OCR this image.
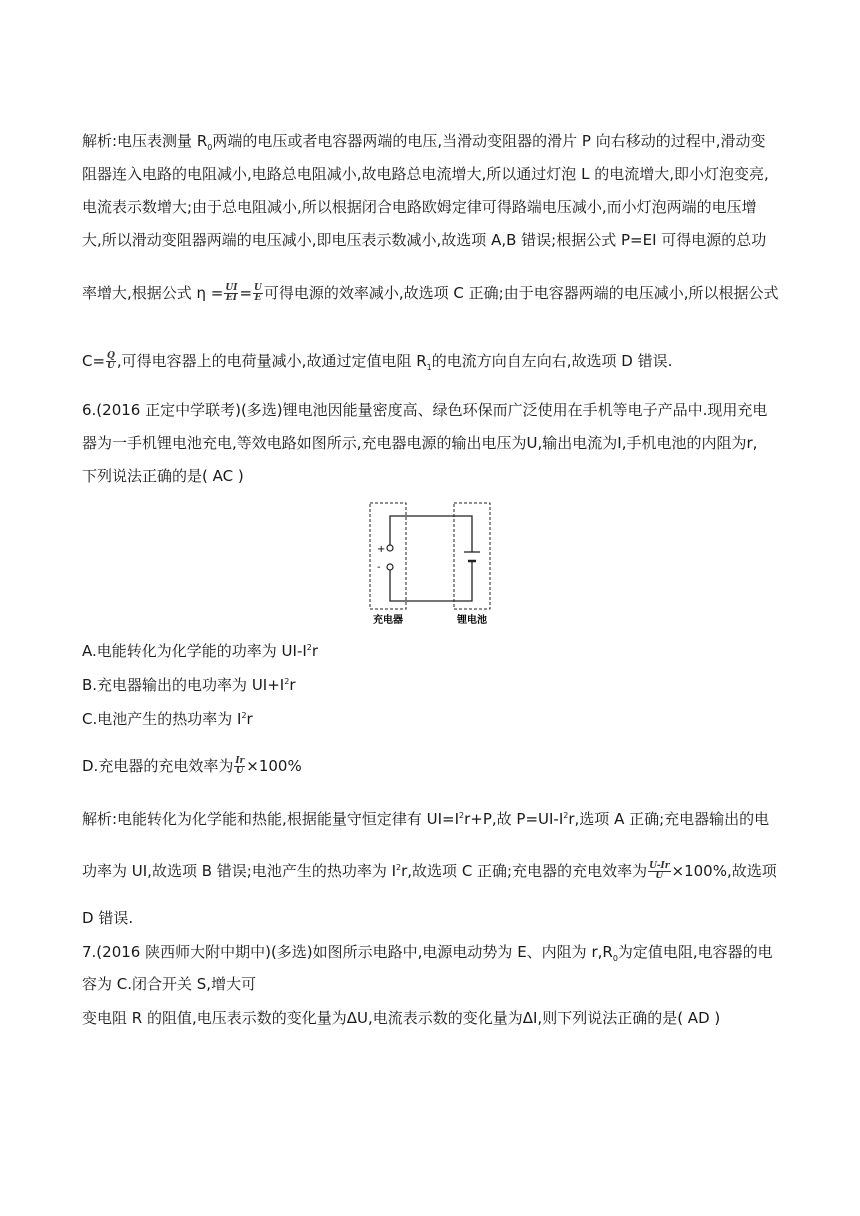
解析:电压表测量 $R_0$两端的电压或者电容器两端的电压,当滑动变阻器的滑片 P 向右移动的过程中,滑动变
阻器连入电路的电阻减小,电路总电阻减小,故电路总电流增大,所以通过灯泡 L 的电流增大,即小灯泡变亮,
电流表示数增大;由于总电阻减小,所以根据闭合电路欧姆定律可得路端电压减小,而小灯泡两端的电压增
大,所以滑动变阻器两端的电压减小,即电压表示数减小,故选项 A,B 错误;根据公式 P=EI 可得电源的总功
率增大,根据公式 $\eta = \frac{UI}{EI} = \frac{U}{E}$ 可得电源的效率减小,故选项 C 正确;由于电容器两端的电压减小,所以根据公式
$C= \frac{Q}{U}$ ,可得电容器上的电荷量减小,故通过定值电阻 $R_1$的电流方向自左向右,故选项 D 错误.
6.(2016 正定中学联考)(多选)锂电池因能量密度高、绿色环保而广泛使用在手机等电子产品中.现用充电
器为一手机锂电池充电,等效电路如图所示,充电器电源的输出电压为U,输出电流为I,手机电池的内阻为r,
下列说法正确的是( AC )
+
-
充电器	锂电池
A.电能转化为化学能的功率为 $UI-I^2r$
B.充电器输出的电功率为 $UI+I^2r$
C.电池产生的热功率为 $I^2r$
D.充电器的充电效率为 $\frac{Ir}{U} \times 100\%$
解析:电能转化为化学能和热能,根据能量守恒定律有 $UI=I^2r+P$,故 $P=UI-I^2r$,选项 A 正确;充电器输出的电
功率为 UI,故选项 B 错误;电池产生的热功率为 $I^2r$,故选项 C 正确;充电器的充电效率为 $\frac{U-Ir}{U} \times 100\%$,故选项
D 错误.
7.(2016 陕西师大附中期中)(多选)如图所示电路中,电源电动势为 E、内阻为 $r,R_0$为定值电阻,电容器的电
容为 C.闭合开关 S,增大可
变电阻 R 的阻值,电压表示数的变化量为ΔU,电流表示数的变化量为ΔI,则下列说法正确的是( AD )
